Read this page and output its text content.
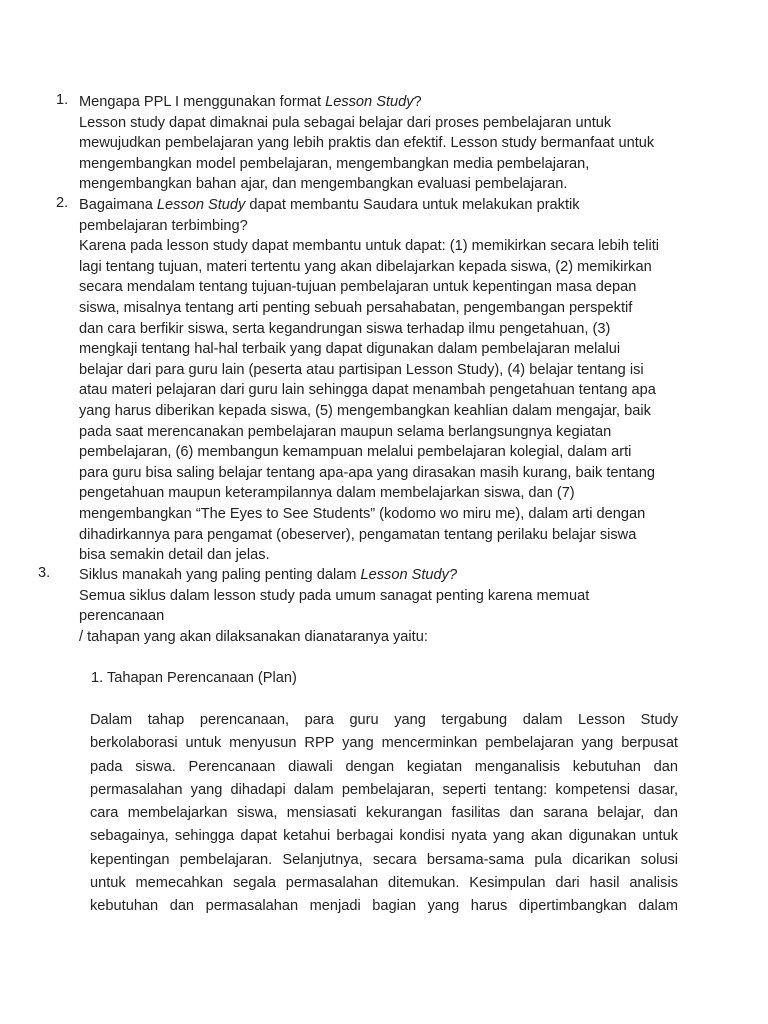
1. Mengapa PPL I menggunakan format Lesson Study?
Lesson study dapat dimaknai pula sebagai belajar dari proses pembelajaran untuk
mewujudkan pembelajaran yang lebih praktis dan efektif. Lesson study bermanfaat untuk
mengembangkan model pembelajaran, mengembangkan media pembelajaran,
mengembangkan bahan ajar, dan mengembangkan evaluasi pembelajaran.
2. Bagaimana Lesson Study dapat membantu Saudara untuk melakukan praktik
pembelajaran terbimbing?
Karena pada lesson study dapat membantu untuk dapat: (1) memikirkan secara lebih teliti
lagi tentang tujuan, materi tertentu yang akan dibelajarkan kepada siswa, (2) memikirkan
secara mendalam tentang tujuan-tujuan pembelajaran untuk kepentingan masa depan
siswa, misalnya tentang arti penting sebuah persahabatan, pengembangan perspektif
dan cara berfikir siswa, serta kegandrungan siswa terhadap ilmu pengetahuan, (3)
mengkaji tentang hal-hal terbaik yang dapat digunakan dalam pembelajaran melalui
belajar dari para guru lain (peserta atau partisipan Lesson Study), (4) belajar tentang isi
atau materi pelajaran dari guru lain sehingga dapat menambah pengetahuan tentang apa
yang harus diberikan kepada siswa, (5) mengembangkan keahlian dalam mengajar, baik
pada saat merencanakan pembelajaran maupun selama berlangsungnya kegiatan
pembelajaran, (6) membangun kemampuan melalui pembelajaran kolegial, dalam arti
para guru bisa saling belajar tentang apa-apa yang dirasakan masih kurang, baik tentang
pengetahuan maupun keterampilannya dalam membelajarkan siswa, dan (7)
mengembangkan “The Eyes to See Students” (kodomo wo miru me), dalam arti dengan
dihadirkannya para pengamat (obeserver), pengamatan tentang perilaku belajar siswa
bisa semakin detail dan jelas.
3. Siklus manakah yang paling penting dalam Lesson Study?
Semua siklus dalam lesson study pada umum sanagat penting karena memuat
perencanaan
/ tahapan yang akan dilaksanakan dianataranya yaitu:
1. Tahapan Perencanaan (Plan)
Dalam tahap perencanaan, para guru yang tergabung dalam Lesson Study
berkolaborasi untuk menyusun RPP yang mencerminkan pembelajaran yang berpusat
pada siswa. Perencanaan diawali dengan kegiatan menganalisis kebutuhan dan
permasalahan yang dihadapi dalam pembelajaran, seperti tentang: kompetensi dasar,
cara membelajarkan siswa, mensiasati kekurangan fasilitas dan sarana belajar, dan
sebagainya, sehingga dapat ketahui berbagai kondisi nyata yang akan digunakan untuk
kepentingan pembelajaran. Selanjutnya, secara bersama-sama pula dicarikan solusi
untuk memecahkan segala permasalahan ditemukan. Kesimpulan dari hasil analisis
kebutuhan dan permasalahan menjadi bagian yang harus dipertimbangkan dalam
